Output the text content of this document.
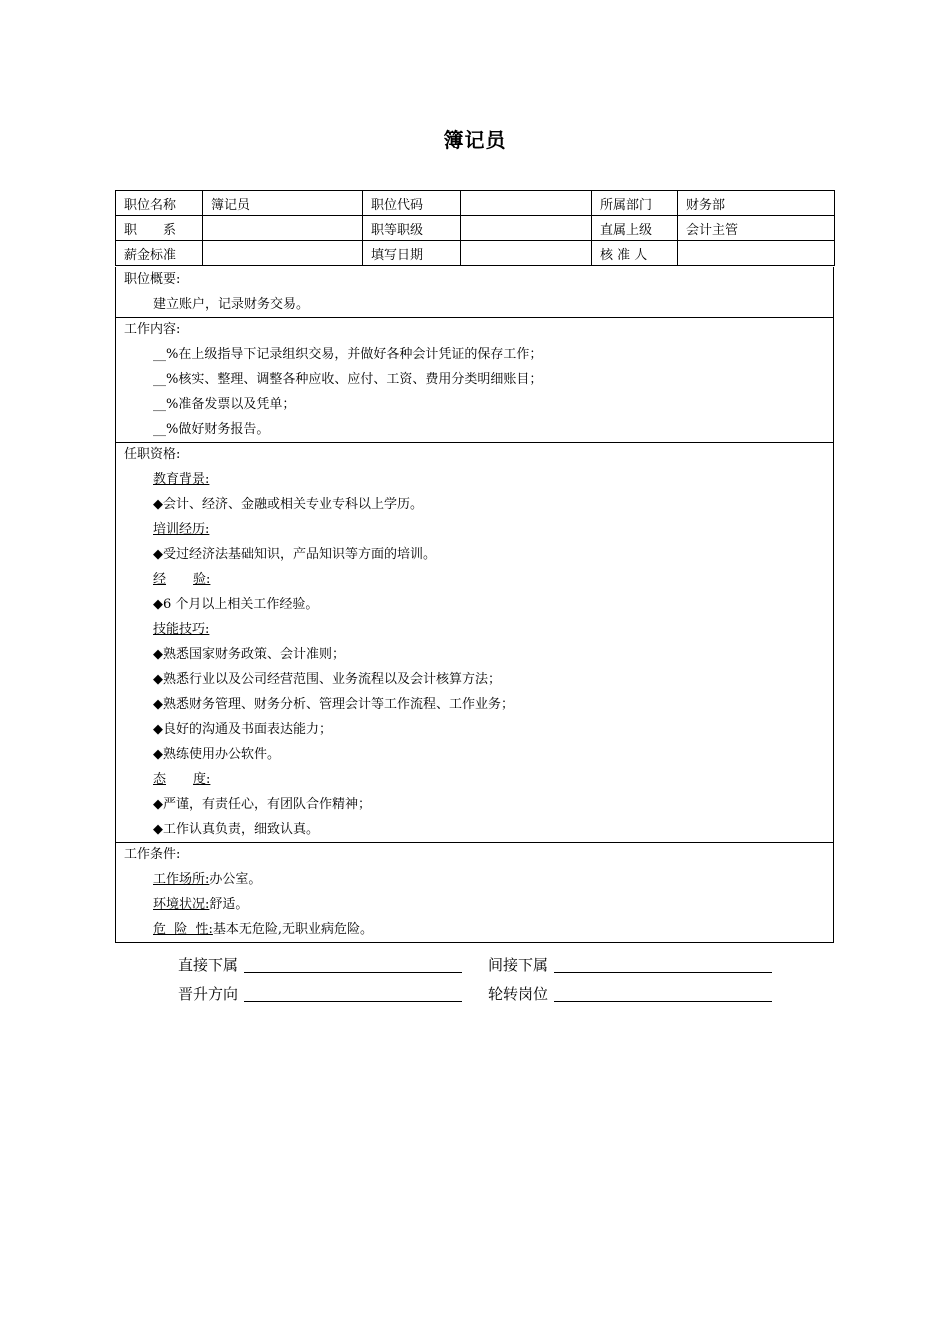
簿记员
职位名称	簿记员	职位代码		所属部门	财务部
职　　系		职等职级		直属上级	会计主管
薪金标准		填写日期		核 准 人	
职位概要:
建立账户，记录财务交易。
工作内容:
__%在上级指导下记录组织交易，并做好各种会计凭证的保存工作；
__%核实、整理、调整各种应收、应付、工资、费用分类明细账目；
__%准备发票以及凭单；
__%做好财务报告。
任职资格:
教育背景:
◆会计、经济、金融或相关专业专科以上学历。
培训经历:
◆受过经济法基础知识，产品知识等方面的培训。
经 验:
◆6 个月以上相关工作经验。
技能技巧:
◆熟悉国家财务政策、会计准则；
◆熟悉行业以及公司经营范围、业务流程以及会计核算方法；
◆熟悉财务管理、财务分析、管理会计等工作流程、工作业务；
◆良好的沟通及书面表达能力；
◆熟练使用办公软件。
态 度:
◆严谨，有责任心，有团队合作精神；
◆工作认真负责，细致认真。
工作条件:
工作场所:办公室。
环境状况:舒适。
危  险  性:基本无危险,无职业病危险。
直接下属	间接下属
晋升方向	轮转岗位
